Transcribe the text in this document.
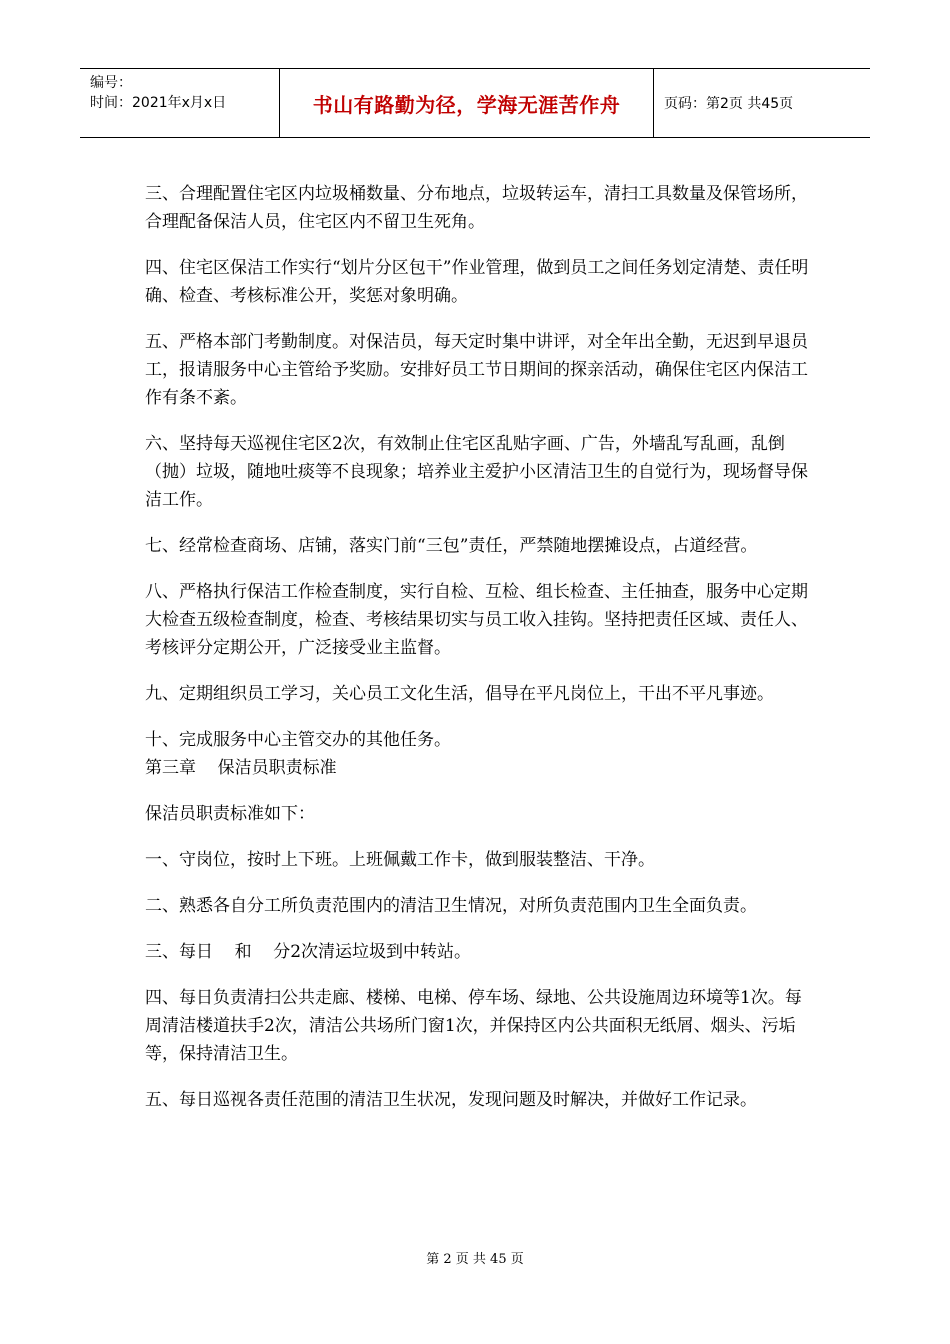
编号：
时间：2021年x月x日	书山有路勤为径，学海无涯苦作舟	页码：第2页 共45页

三、合理配置住宅区内垃圾桶数量、分布地点，垃圾转运车，清扫工具数量及保管场所，合理配备保洁人员，住宅区内不留卫生死角。

四、住宅区保洁工作实行“划片分区包干”作业管理，做到员工之间任务划定清楚、责任明确、检查、考核标准公开，奖惩对象明确。

五、严格本部门考勤制度。对保洁员，每天定时集中讲评，对全年出全勤，无迟到早退员工，报请服务中心主管给予奖励。安排好员工节日期间的探亲活动，确保住宅区内保洁工作有条不紊。

六、坚持每天巡视住宅区2次，有效制止住宅区乱贴字画、广告，外墙乱写乱画，乱倒（抛）垃圾，随地吐痰等不良现象；培养业主爱护小区清洁卫生的自觉行为，现场督导保洁工作。

七、经常检查商场、店铺，落实门前“三包”责任，严禁随地摆摊设点，占道经营。

八、严格执行保洁工作检查制度，实行自检、互检、组长检查、主任抽查，服务中心定期大检查五级检查制度，检查、考核结果切实与员工收入挂钩。坚持把责任区域、责任人、考核评分定期公开，广泛接受业主监督。

九、定期组织员工学习，关心员工文化生活，倡导在平凡岗位上，干出不平凡事迹。

十、完成服务中心主管交办的其他任务。

第三章    保洁员职责标准

保洁员职责标准如下：

一、守岗位，按时上下班。上班佩戴工作卡，做到服装整洁、干净。

二、熟悉各自分工所负责范围内的清洁卫生情况，对所负责范围内卫生全面负责。

三、每日    和    分2次清运垃圾到中转站。

四、每日负责清扫公共走廊、楼梯、电梯、停车场、绿地、公共设施周边环境等1次。每周清洁楼道扶手2次，清洁公共场所门窗1次，并保持区内公共面积无纸屑、烟头、污垢等，保持清洁卫生。

五、每日巡视各责任范围的清洁卫生状况，发现问题及时解决，并做好工作记录。

第 2 页 共 45 页
